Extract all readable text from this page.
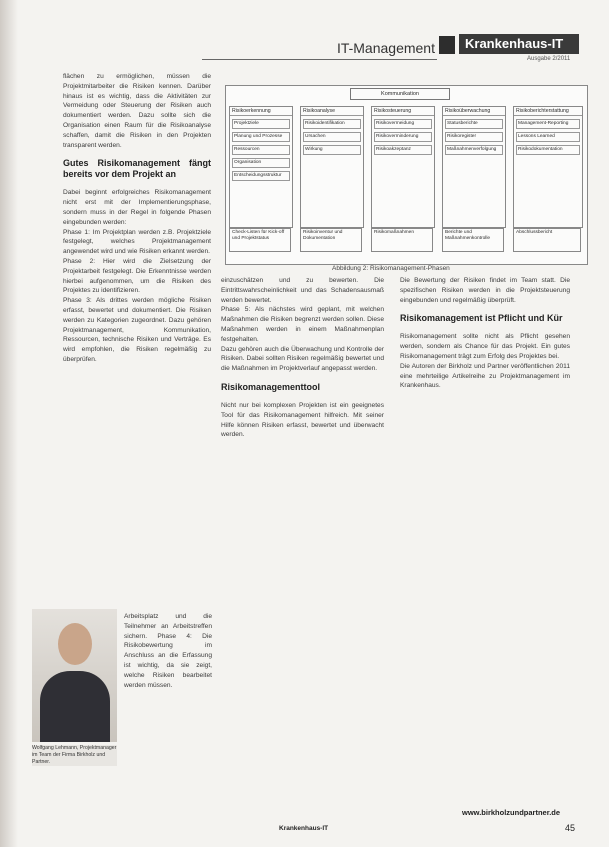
IT-Management	Krankenhaus-IT
Ausgabe 2/2011

flächen zu ermöglichen, müssen die Projektmitarbeiter die Risiken kennen. Darüber hinaus ist es wichtig, dass die Aktivitäten zur Vermeidung oder Steuerung der Risiken auch dokumentiert werden. Dazu sollte sich die Organisation einen Raum für die Risikoanalyse schaffen, damit die Risiken in den Projekten transparent werden.

Gutes Risikomanagement fängt bereits vor dem Projekt an

Dabei beginnt erfolgreiches Risikomanagement nicht erst mit der Implementierungsphase, sondern muss in der Regel in folgende Phasen eingebunden werden:

Phase 1: Im Projektplan werden z.B. Projektziele festgelegt, welches Projektmanagement angewendet wird und wie Risiken erkannt werden.

Phase 2: Hier wird die Zielsetzung der Projektarbeit festgelegt. Die Erkenntnisse werden hierbei aufgenommen, um die Risiken des Projektes zu identifizieren.

Phase 3: Als drittes werden mögliche Risiken erfasst, bewertet und dokumentiert. Die Risiken werden zu Kategorien zugeordnet. Dazu gehören Projektmanagement, Kommunikation, Ressourcen, technische Risiken und Verträge. Es wird empfohlen, die Risiken regelmäßig zu überprüfen.

Arbeitsplatz und die Teilnehmer an Arbeitstreffen sichern. Phase 4: Die Risikobewertung im Anschluss an die Erfassung ist wichtig, da sie zeigt, welche Risiken bearbeitet werden müssen.

Wolfgang Lehmann, Projektmanager im Team der Firma Birkholz und Partner.
Kommunikation
Risikoerkennung
Projektziele
Planung und Prozesse
Ressourcen
Organisation
Entscheidungsstruktur
Risikoanalyse
Risikoidentifikation
Ursachen
Wirkung
Risikosteuerung
Risikovermeidung
Risikoverminderung
Risikoakzeptanz
Risikoüberwachung
Statusberichte
Risikoregister
Maßnahmenverfolgung
Risikoberichterstattung
Management-Reporting
Lessons Learned
Risikodokumentation
Check-Listen für Kick-off und Projektstatus
Risikoinventur und Dokumentation
Risikomaßnahmen	Berichte und Maßnahmenkontrolle
Abschlussbericht
Abbildung 2: Risikomanagement-Phasen

einzuschätzen und zu bewerten. Die Eintrittswahrscheinlichkeit und das Schadensausmaß werden bewertet.

Phase 5: Als nächstes wird geplant, mit welchen Maßnahmen die Risiken begrenzt werden sollen. Diese Maßnahmen werden in einem Maßnahmenplan festgehalten.

Dazu gehören auch die Überwachung und Kontrolle der Risiken. Dabei sollten Risiken regelmäßig bewertet und die Maßnahmen im Projektverlauf angepasst werden.

Risikomanagementtool

Nicht nur bei komplexen Projekten ist ein geeignetes Tool für das Risikomanagement hilfreich. Mit seiner Hilfe können Risiken erfasst, bewertet und überwacht werden.

Die Bewertung der Risiken findet im Team statt. Die spezifischen Risiken werden in die Projektsteuerung eingebunden und regelmäßig überprüft.

Risikomanagement ist Pflicht und Kür

Risikomanagement sollte nicht als Pflicht gesehen werden, sondern als Chance für das Projekt. Ein gutes Risikomanagement trägt zum Erfolg des Projektes bei.

Die Autoren der Birkholz und Partner veröffentlichen 2011 eine mehrteilige Artikelreihe zu Projektmanagement im Krankenhaus.

www.birkholzundpartner.de
Krankenhaus-IT	45
